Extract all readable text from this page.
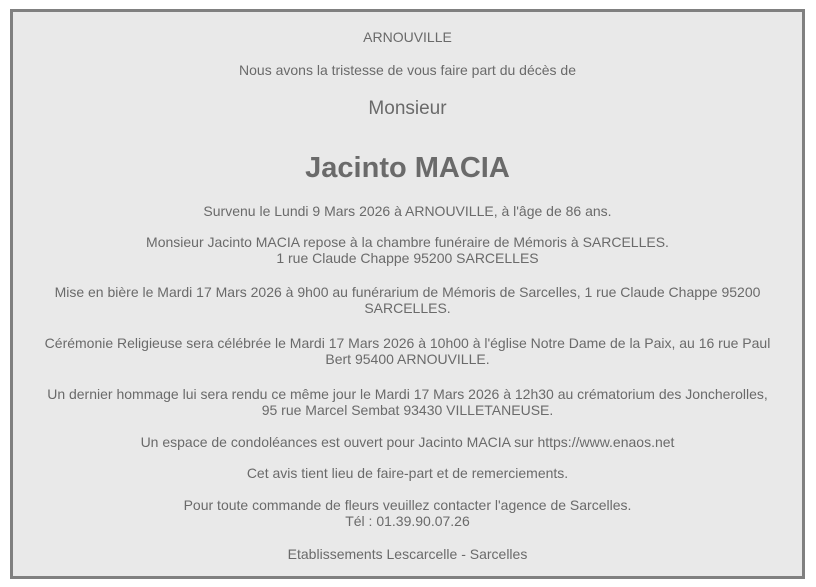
ARNOUVILLE
Nous avons la tristesse de vous faire part du décès de
Monsieur
Jacinto MACIA
Survenu le Lundi 9 Mars 2026 à ARNOUVILLE, à l'âge de 86 ans.
Monsieur Jacinto MACIA repose à la chambre funéraire de Mémoris à SARCELLES.
1 rue Claude Chappe 95200 SARCELLES
Mise en bière le Mardi 17 Mars 2026 à 9h00 au funérarium de Mémoris de Sarcelles, 1 rue Claude Chappe 95200
SARCELLES.
Cérémonie Religieuse sera célébrée le Mardi 17 Mars 2026 à 10h00 à l'église Notre Dame de la Paix, au 16 rue Paul
Bert 95400 ARNOUVILLE.
Un dernier hommage lui sera rendu ce même jour le Mardi 17 Mars 2026 à 12h30 au crématorium des Joncherolles,
95 rue Marcel Sembat 93430 VILLETANEUSE.
Un espace de condoléances est ouvert pour Jacinto MACIA sur https://www.enaos.net
Cet avis tient lieu de faire-part et de remerciements.
Pour toute commande de fleurs veuillez contacter l'agence de Sarcelles.
Tél : 01.39.90.07.26
Etablissements Lescarcelle - Sarcelles
